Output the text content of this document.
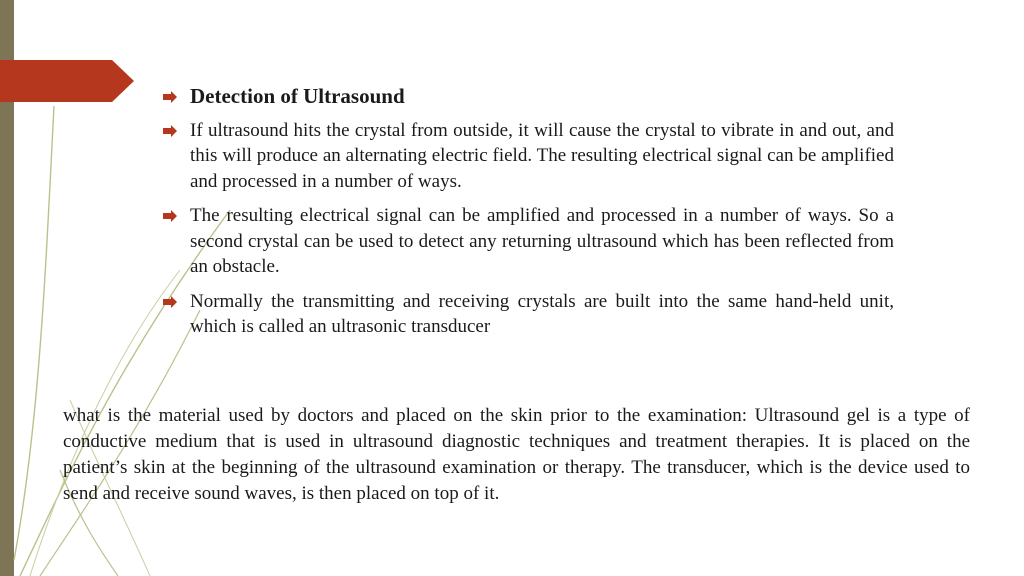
Detection of Ultrasound
If ultrasound hits the crystal from outside, it will cause the crystal to vibrate in and out, and this will produce an alternating electric field. The resulting electrical signal can be amplified and processed in a number of ways.
The resulting electrical signal can be amplified and processed in a number of ways. So a second crystal can be used to detect any returning ultrasound which has been reflected from an obstacle.
Normally the transmitting and receiving crystals are built into the same hand-held unit, which is called an ultrasonic transducer

what is the material used by doctors and placed on the skin prior to the examination: Ultrasound gel is a type of conductive medium that is used in ultrasound diagnostic techniques and treatment therapies. It is placed on the patient’s skin at the beginning of the ultrasound examination or therapy. The transducer, which is the device used to send and receive sound waves, is then placed on top of it.
